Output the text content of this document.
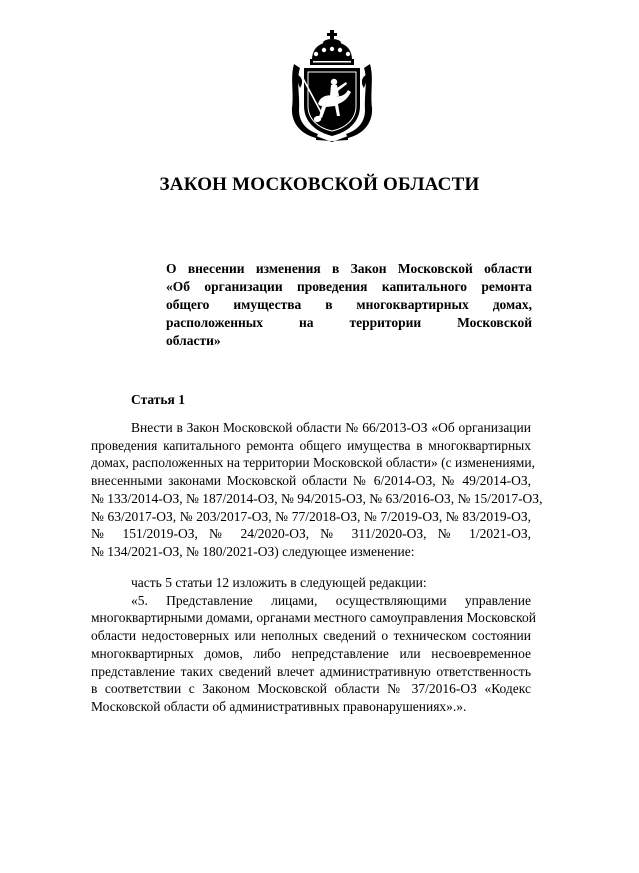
ЗАКОН МОСКОВСКОЙ ОБЛАСТИ
О внесении изменения в Закон Московской области
«Об организации проведения капитального ремонта
общего имущества в многоквартирных домах,
расположенных на территории Московской
области»
Статья 1
Внести в Закон Московской области № 66/2013-ОЗ «Об организации
проведения капитального ремонта общего имущества в многоквартирных
домах, расположенных на территории Московской области» (с изменениями,
внесенными законами Московской области № 6/2014-ОЗ, № 49/2014-ОЗ,
№ 133/2014-ОЗ, № 187/2014-ОЗ, № 94/2015-ОЗ, № 63/2016-ОЗ, № 15/2017-ОЗ,
№ 63/2017-ОЗ, № 203/2017-ОЗ, № 77/2018-ОЗ, № 7/2019-ОЗ, № 83/2019-ОЗ,
№ 151/2019-ОЗ, № 24/2020-ОЗ, № 311/2020-ОЗ, № 1/2021-ОЗ,
№ 134/2021-ОЗ, № 180/2021-ОЗ) следующее изменение:
часть 5 статьи 12 изложить в следующей редакции:
«5. Представление лицами, осуществляющими управление
многоквартирными домами, органами местного самоуправления Московской
области недостоверных или неполных сведений о техническом состоянии
многоквартирных домов, либо непредставление или несвоевременное
представление таких сведений влечет административную ответственность
в соответствии с Законом Московской области № 37/2016-ОЗ «Кодекс
Московской области об административных правонарушениях».».
